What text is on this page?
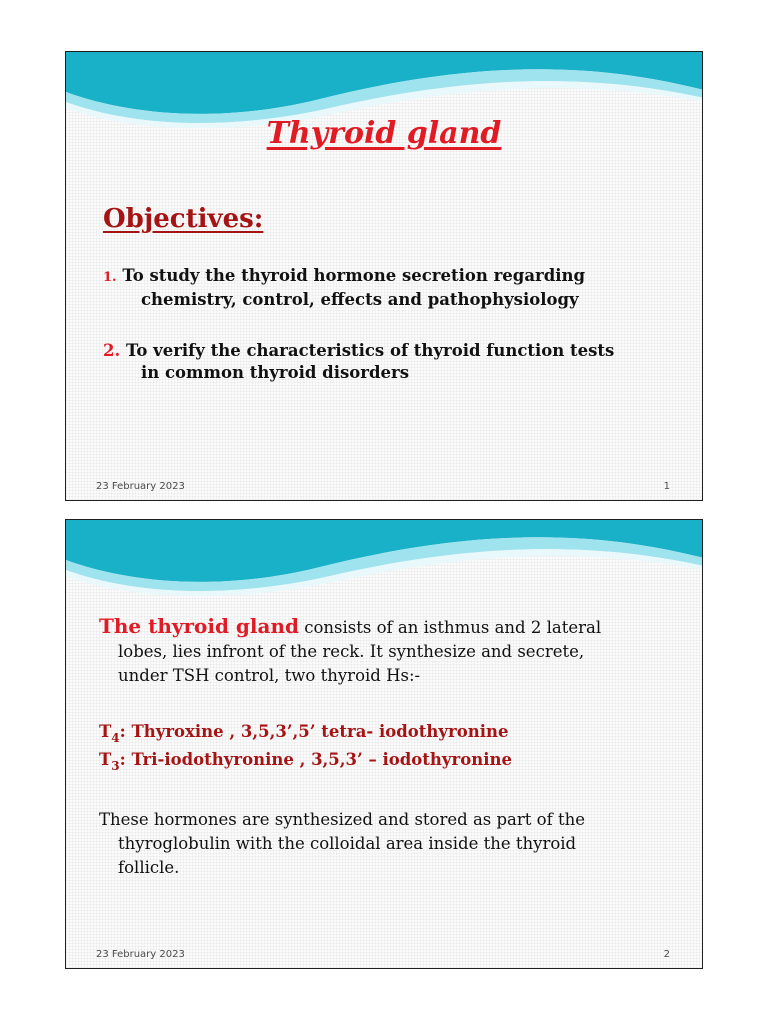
Thyroid gland
Objectives:
1. To study the thyroid hormone secretion regarding
chemistry, control, effects and pathophysiology
2. To verify the characteristics of thyroid function tests
in common thyroid disorders
23 February 2023	1
The thyroid gland consists of an isthmus and 2 lateral
lobes, lies infront of the reck. It synthesize and secrete,
under TSH control, two thyroid Hs:-
$T_4$: Thyroxine , 3,5,3’,5’ tetra- iodothyronine
$T_3$: Tri-iodothyronine , 3,5,3’ – iodothyronine
These hormones are synthesized and stored as part of the
thyroglobulin with the colloidal area inside the thyroid
follicle.
23 February 2023	2
